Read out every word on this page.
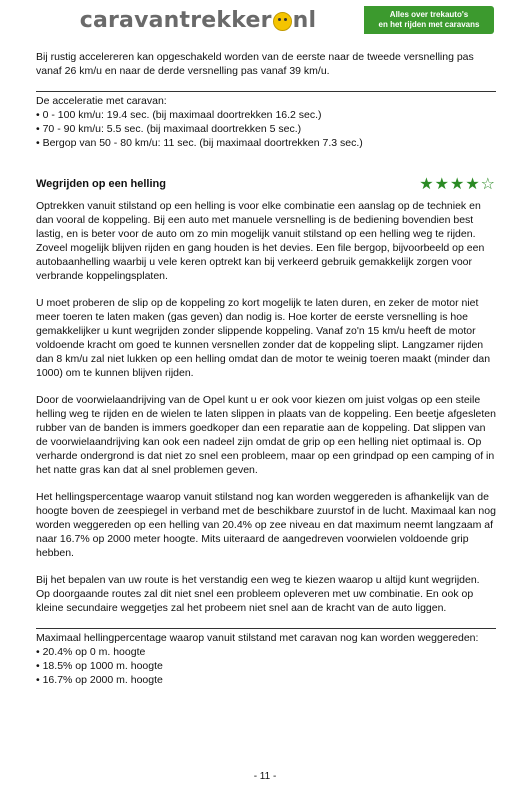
caravantrekker nl	Alles over trekauto's
en het rijden met caravans

Bij rustig accelereren kan opgeschakeld worden van de eerste naar de tweede versnelling pas vanaf 26 km/u en naar de derde versnelling pas vanaf 39 km/u.

De acceleratie met caravan:
• 0 - 100 km/u: 19.4 sec. (bij maximaal doortrekken 16.2 sec.)
• 70 - 90 km/u: 5.5 sec. (bij maximaal doortrekken 5 sec.)
• Bergop van 50 - 80 km/u: 11 sec. (bij maximaal doortrekken 7.3 sec.)
Wegrijden op een helling	★★★★☆

Optrekken vanuit stilstand op een helling is voor elke combinatie een aanslag op de techniek en dan vooral de koppeling. Bij een auto met manuele versnelling is de bediening bovendien best lastig, en is beter voor de auto om zo min mogelijk vanuit stilstand op een helling weg te rijden. Zoveel mogelijk blijven rijden en gang houden is het devies. Een file bergop, bijvoorbeeld op een autobaanhelling waarbij u vele keren optrekt kan bij verkeerd gebruik gemakkelijk zorgen voor verbrande koppelingsplaten.

U moet proberen de slip op de koppeling zo kort mogelijk te laten duren, en zeker de motor niet meer toeren te laten maken (gas geven) dan nodig is. Hoe korter de eerste versnelling is hoe gemakkelijker u kunt wegrijden zonder slippende koppeling. Vanaf zo'n 15 km/u heeft de motor voldoende kracht om goed te kunnen versnellen zonder dat de koppeling slipt. Langzamer rijden dan 8 km/u zal niet lukken op een helling omdat dan de motor te weinig toeren maakt (minder dan 1000) om te kunnen blijven rijden.

Door de voorwielaandrijving van de Opel kunt u er ook voor kiezen om juist volgas op een steile helling weg te rijden en de wielen te laten slippen in plaats van de koppeling. Een beetje afgesleten rubber van de banden is immers goedkoper dan een reparatie aan de koppeling. Dat slippen van de voorwielaandrijving kan ook een nadeel zijn omdat de grip op een helling niet optimaal is. Op verharde ondergrond is dat niet zo snel een probleem, maar op een grindpad op een camping of in het natte gras kan dat al snel problemen geven.

Het hellingspercentage waarop vanuit stilstand nog kan worden weggereden is afhankelijk van de hoogte boven de zeespiegel in verband met de beschikbare zuurstof in de lucht. Maximaal kan nog worden weggereden op een helling van 20.4% op zee niveau en dat maximum neemt langzaam af naar 16.7% op 2000 meter hoogte. Mits uiteraard de aangedreven voorwielen voldoende grip hebben.

Bij het bepalen van uw route is het verstandig een weg te kiezen waarop u altijd kunt wegrijden. Op doorgaande routes zal dit niet snel een probleem opleveren met uw combinatie. En ook op kleine secundaire weggetjes zal het probeem niet snel aan de kracht van de auto liggen.

Maximaal hellingpercentage waarop vanuit stilstand met caravan nog kan worden weggereden:
• 20.4% op 0 m. hoogte
• 18.5% op 1000 m. hoogte
• 16.7% op 2000 m. hoogte
- 11 -
